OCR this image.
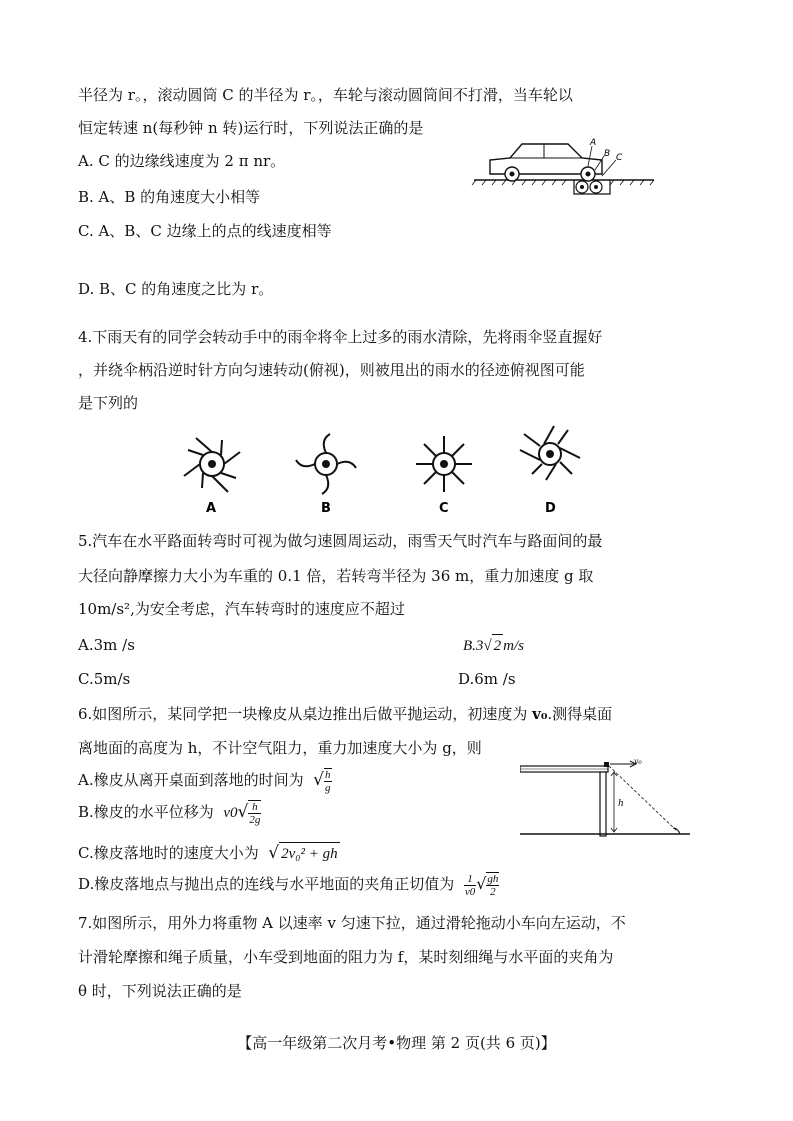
半径为 r。，滚动圆筒 C 的半径为 r。，车轮与滚动圆筒间不打滑，当车轮以
恒定转速 n(每秒钟 n 转)运行时，下列说法正确的是
A. C 的边缘线速度为 2 π nr。
B. A、B 的角速度大小相等
C. A、B、C 边缘上的点的线速度相等
D. B、C 的角速度之比为 r。
A
B C
4.下雨天有的同学会转动手中的雨伞将伞上过多的雨水清除，先将雨伞竖直握好
，并绕伞柄沿逆时针方向匀速转动(俯视)，则被甩出的雨水的径迹俯视图可能
是下列的
A	B	C	D
5.汽车在水平路面转弯时可视为做匀速圆周运动，雨雪天气时汽车与路面间的最
大径向静摩擦力大小为车重的 0.1 倍，若转弯半径为 36 m，重力加速度 g 取
10m/s²,为安全考虑，汽车转弯时的速度应不超过
A.3m /s	B.3√ 2 m/s
C.5m/s	D.6m /s
6.如图所示，某同学把一块橡皮从桌边推出后做平抛运动，初速度为 v₀.测得桌面
离地面的高度为 h，不计空气阻力，重力加速度大小为 g，则
A.橡皮从离开桌面到落地的时间为 √ $\frac{h}{g}$
B.橡皮的水平位移为 $v0√ \frac{h}{2g}$
C.橡皮落地时的速度大小为 √ 2v₀² + gh
D.橡皮落地点与抛出点的连线与水平地面的夹角正切值为 $\frac{1}{v0}$ √ $\frac{gh}{2}$
v₀
h
7.如图所示，用外力将重物 A 以速率 v 匀速下拉，通过滑轮拖动小车向左运动，不
计滑轮摩擦和绳子质量，小车受到地面的阻力为 f，某时刻细绳与水平面的夹角为
θ 时，下列说法正确的是
【高一年级第二次月考•物理 第 2 页(共 6 页)】
